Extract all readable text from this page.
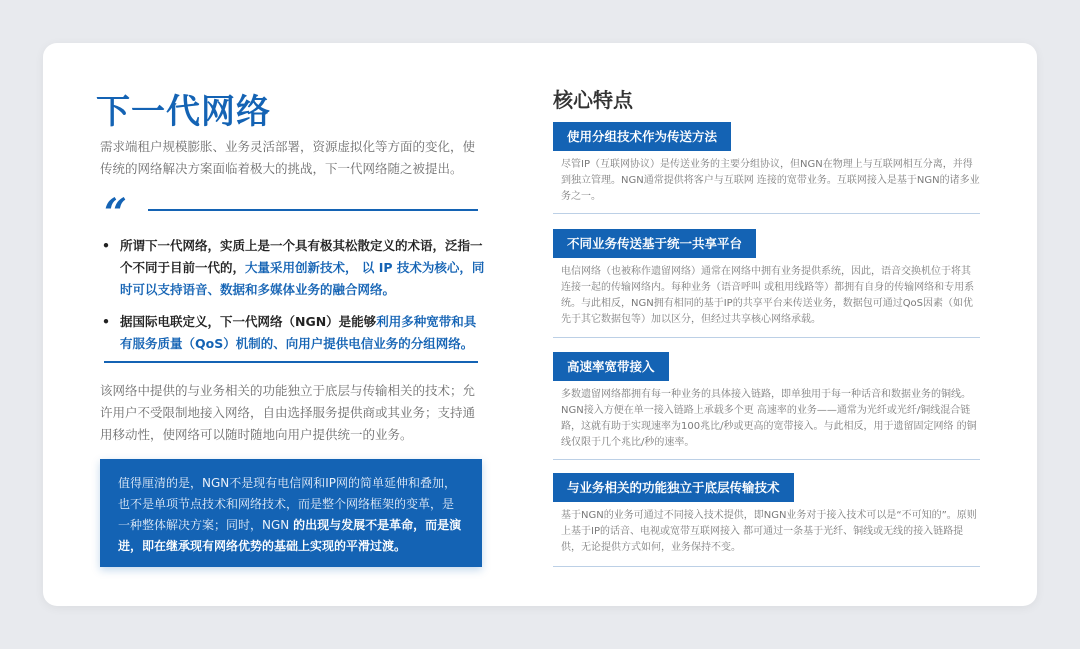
下一代网络

需求端租户规模膨胀、业务灵活部署，资源虚拟化等方面的变化，使传统的网络解决方案面临着极大的挑战，下一代网络随之被提出。

“
• 所谓下一代网络，实质上是一个具有极其松散定义的术语，泛指一个不同于目前一代的，大量采用创新技术， 以 IP 技术为核心，同时可以支持语音、数据和多媒体业务的融合网络。
• 据国际电联定义，下一代网络（NGN）是能够利用多种宽带和具有服务质量（QoS）机制的、向用户提供电信业务的分组网络。

该网络中提供的与业务相关的功能独立于底层与传输相关的技术；允许用户不受限制地接入网络，自由选择服务提供商或其业务；支持通用移动性，使网络可以随时随地向用户提供统一的业务。

值得厘清的是，NGN不是现有电信网和IP网的简单延伸和叠加，也不是单项节点技术和网络技术，而是整个网络框架的变革，是一种整体解决方案；同时，NGN 的出现与发展不是革命，而是演进，即在继承现有网络优势的基础上实现的平滑过渡。
核心特点
使用分组技术作为传送方法
尽管IP（互联网协议）是传送业务的主要分组协议，但NGN在物理上与互联网相互分离，并得到独立管理。NGN通常提供将客户与互联网 连接的宽带业务。互联网接入是基于NGN的诸多业务之一。
不同业务传送基于统一共享平台
电信网络（也被称作遗留网络）通常在网络中拥有业务提供系统，因此，语音交换机位于将其连接一起的传输网络内。每种业务（语音呼叫 或租用线路等）都拥有自身的传输网络和专用系统。与此相反，NGN拥有相同的基于IP的共享平台来传送业务，数据包可通过QoS因素（如优先于其它数据包等）加以区分，但经过共享核心网络承载。
高速率宽带接入
多数遗留网络都拥有每一种业务的具体接入链路，即单独用于每一种话音和数据业务的铜线。NGN接入方便在单一接入链路上承载多个更 高速率的业务——通常为光纤或光纤/铜线混合链路，这就有助于实现速率为100兆比/秒或更高的宽带接入。与此相反，用于遗留固定网络 的铜线仅限于几个兆比/秒的速率。
与业务相关的功能独立于底层传输技术
基于NGN的业务可通过不同接入技术提供，即NGN业务对于接入技术可以是“不可知的”。原则上基于IP的话音、电视或宽带互联网接入 都可通过一条基于光纤、铜线或无线的接入链路提供，无论提供方式如何，业务保持不变。
